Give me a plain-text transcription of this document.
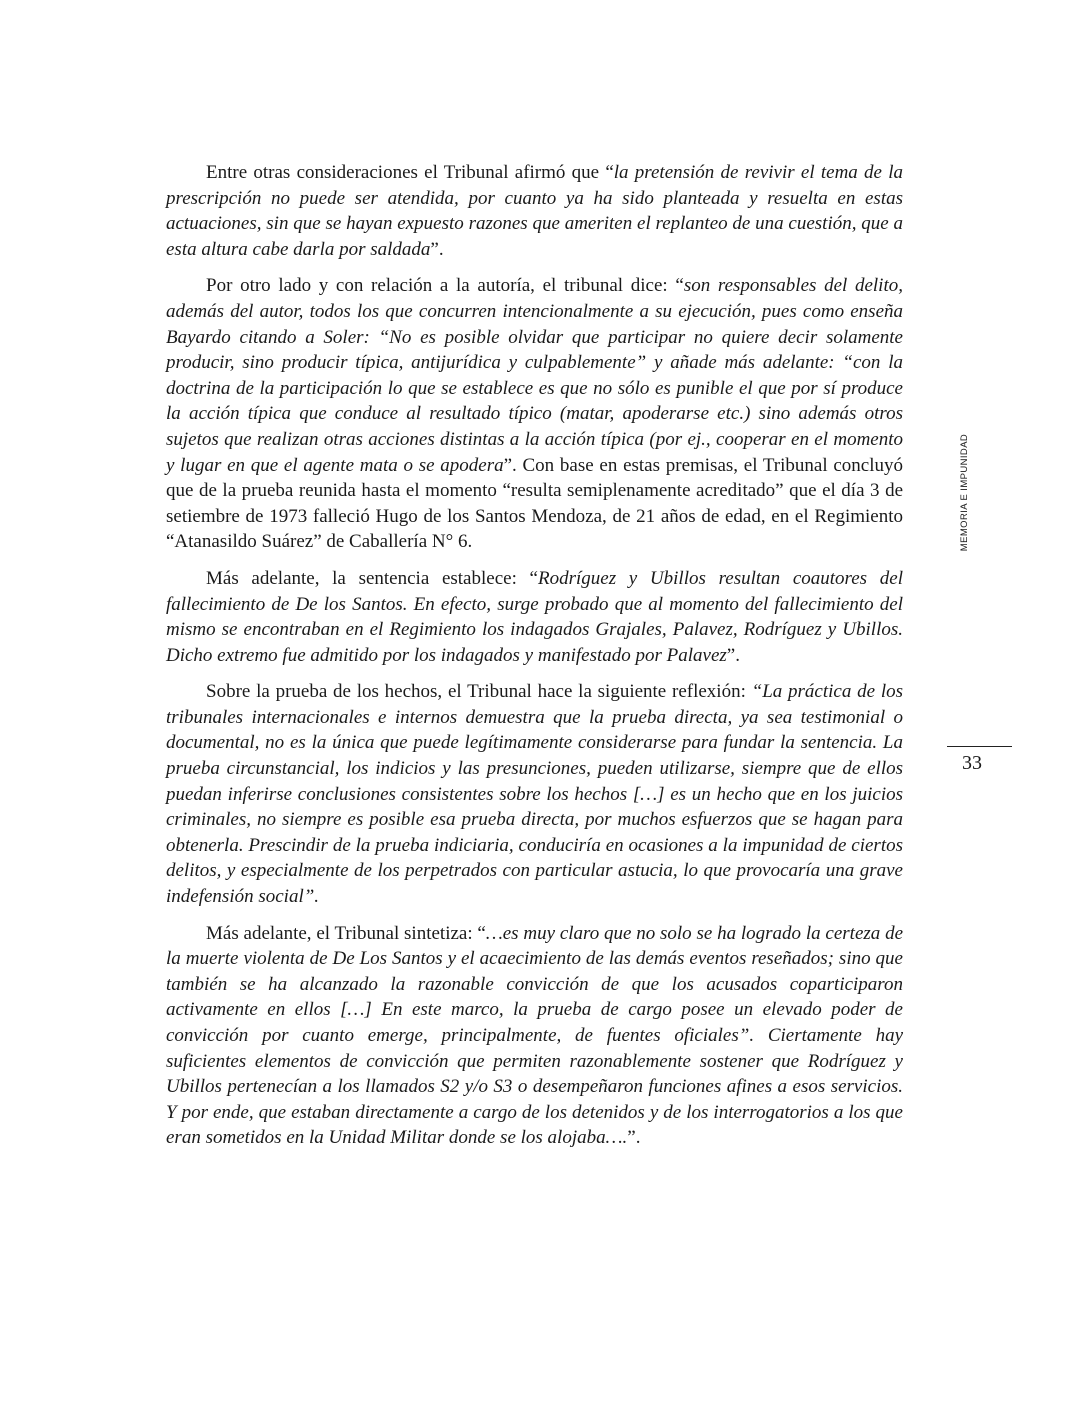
Entre otras consideraciones el Tribunal afirmó que “la pretensión de revivir el tema de la prescripción no puede ser atendida, por cuanto ya ha sido planteada y resuelta en estas actuaciones, sin que se hayan expuesto razones que ameriten el replanteo de una cuestión, que a esta altura cabe darla por saldada”.

Por otro lado y con relación a la autoría, el tribunal dice: “son responsables del delito, además del autor, todos los que concurren intencionalmente a su ejecución, pues como enseña Bayardo citando a Soler: “No es posible olvidar que participar no quiere decir solamente producir, sino producir típica, antijurídica y culpablemente” y añade más adelante: “con la doctrina de la participación lo que se establece es que no sólo es punible el que por sí produce la acción típica que conduce al resultado típico (matar, apoderarse etc.) sino además otros sujetos que realizan otras acciones distintas a la acción típica (por ej., cooperar en el momento y lugar en que el agente mata o se apodera”. Con base en estas premisas, el Tribunal concluyó que de la prueba reunida hasta el momento “resulta semiplenamente acreditado” que el día 3 de setiembre de 1973 falleció Hugo de los Santos Mendoza, de 21 años de edad, en el Regimiento “Atanasildo Suárez” de Caballería N° 6.

Más adelante, la sentencia establece: “Rodríguez y Ubillos resultan coautores del fallecimiento de De los Santos. En efecto, surge probado que al momento del fallecimiento del mismo se encontraban en el Regimiento los indagados Grajales, Palavez, Rodríguez y Ubillos. Dicho extremo fue admitido por los indagados y manifestado por Palavez”.

Sobre la prueba de los hechos, el Tribunal hace la siguiente reflexión: “La práctica de los tribunales internacionales e internos demuestra que la prueba directa, ya sea testimonial o documental, no es la única que puede legítimamente considerarse para fundar la sentencia. La prueba circunstancial, los indicios y las presunciones, pueden utilizarse, siempre que de ellos puedan inferirse conclusiones consistentes sobre los hechos […] es un hecho que en los juicios criminales, no siempre es posible esa prueba directa, por muchos esfuerzos que se hagan para obtenerla. Prescindir de la prueba indiciaria, conduciría en ocasiones a la impunidad de ciertos delitos, y especialmente de los perpetrados con particular astucia, lo que provocaría una grave indefensión social”.

Más adelante, el Tribunal sintetiza: “…es muy claro que no solo se ha logrado la certeza de la muerte violenta de De Los Santos y el acaecimiento de las demás eventos reseñados; sino que también se ha alcanzado la razonable convicción de que los acusados coparticiparon activamente en ellos […] En este marco, la prueba de cargo posee un elevado poder de convicción por cuanto emerge, principalmente, de fuentes oficiales”. Ciertamente hay suficientes elementos de convicción que permiten razonablemente sostener que Rodríguez y Ubillos pertenecían a los llamados S2 y/o S3 o desempeñaron funciones afines a esos servicios. Y por ende, que estaban directamente a cargo de los detenidos y de los interrogatorios a los que eran sometidos en la Unidad Militar donde se los alojaba….”.

MEMORIA E IMPUNIDAD
33
